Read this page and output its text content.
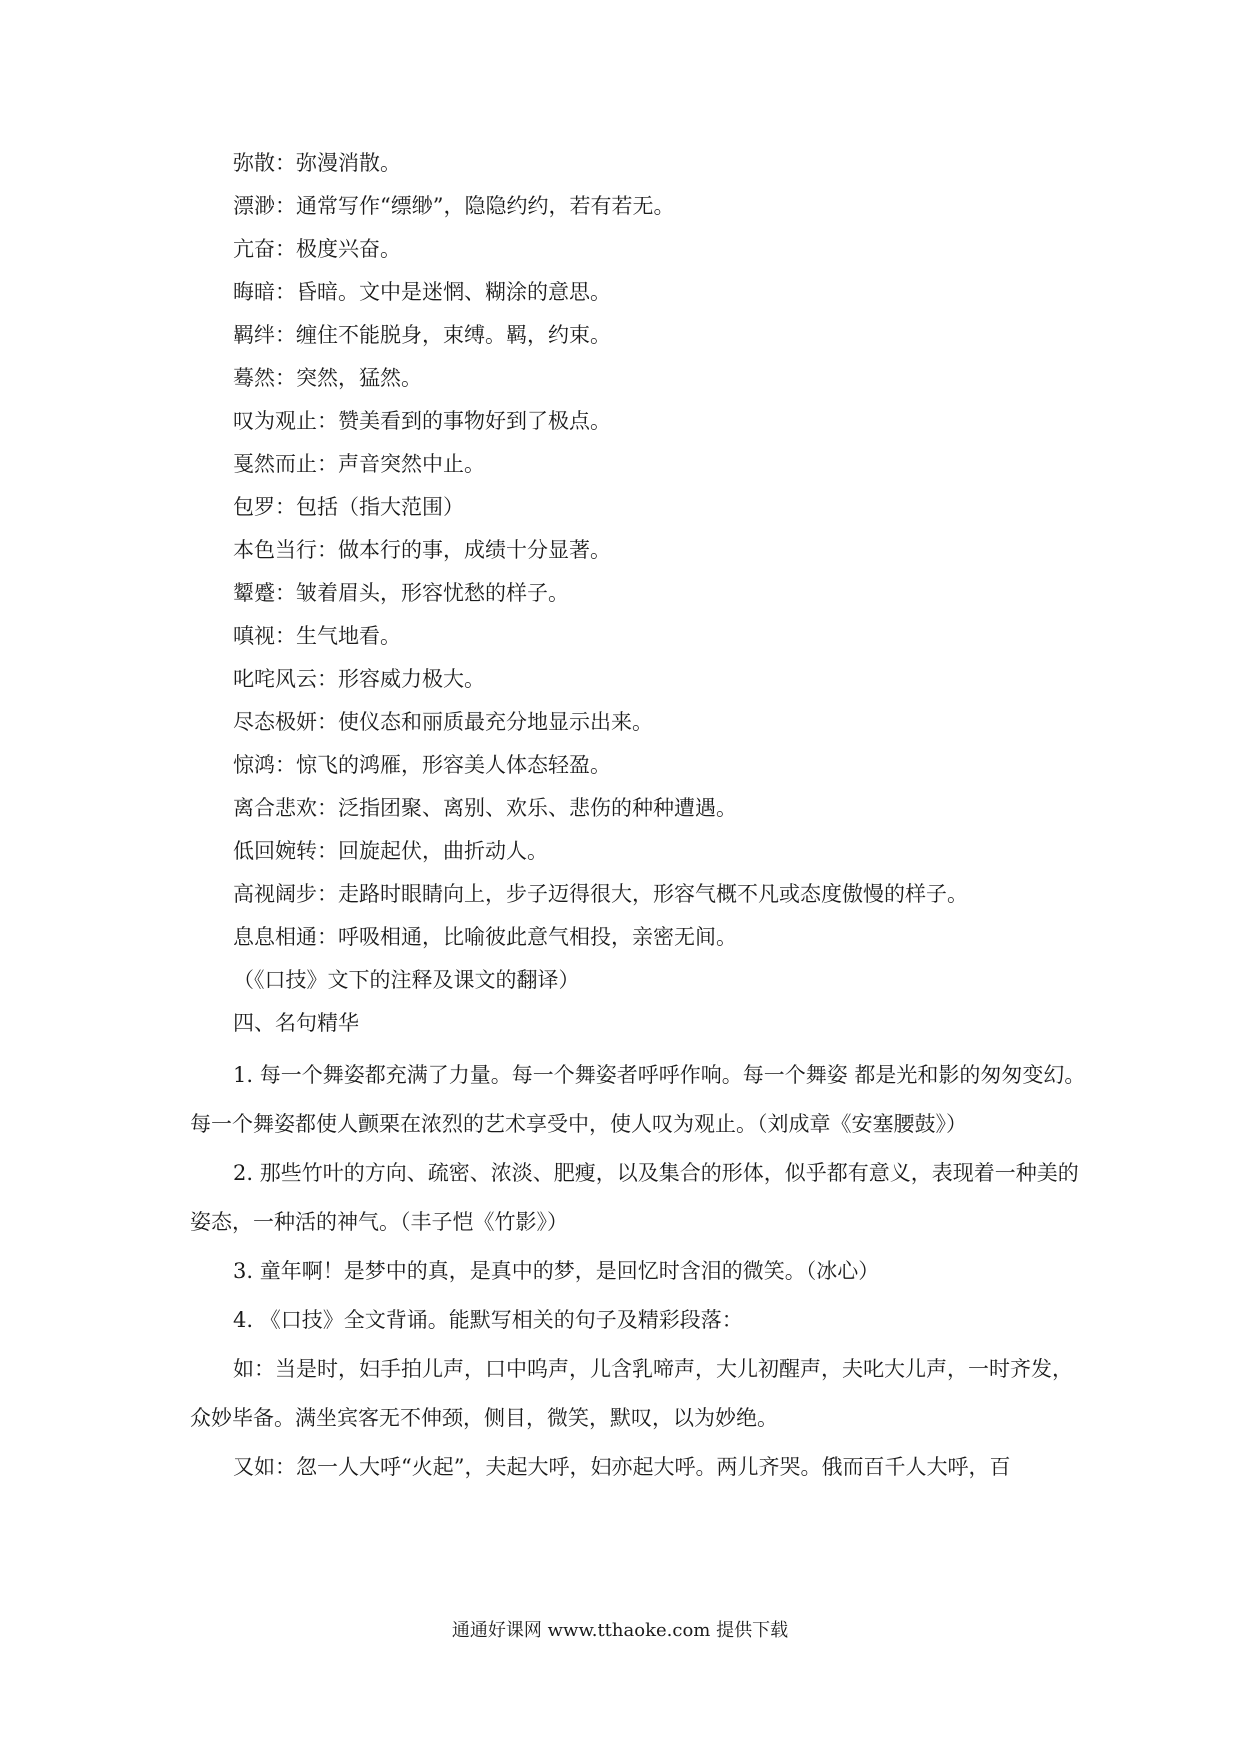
弥散：弥漫消散。
漂渺：通常写作“缥缈”，隐隐约约，若有若无。
亢奋：极度兴奋。
晦暗：昏暗。文中是迷惘、糊涂的意思。
羁绊：缠住不能脱身，束缚。羁，约束。
蓦然：突然，猛然。
叹为观止：赞美看到的事物好到了极点。
戛然而止：声音突然中止。
包罗：包括（指大范围）
本色当行：做本行的事，成绩十分显著。
颦蹙：皱着眉头，形容忧愁的样子。
嗔视：生气地看。
叱咤风云：形容威力极大。
尽态极妍：使仪态和丽质最充分地显示出来。
惊鸿：惊飞的鸿雁，形容美人体态轻盈。
离合悲欢：泛指团聚、离别、欢乐、悲伤的种种遭遇。
低回婉转：回旋起伏，曲折动人。
高视阔步：走路时眼睛向上，步子迈得很大，形容气概不凡或态度傲慢的样子。
息息相通：呼吸相通，比喻彼此意气相投，亲密无间。
（《口技》文下的注释及课文的翻译）
四、名句精华
1. 每一个舞姿都充满了力量。每一个舞姿者呼呼作响。每一个舞姿 都是光和影的匆匆变幻。每一个舞姿都使人颤栗在浓烈的艺术享受中，使人叹为观止。（刘成章《安塞腰鼓》）
2. 那些竹叶的方向、疏密、浓淡、肥瘦，以及集合的形体，似乎都有意义，表现着一种美的姿态，一种活的神气。（丰子恺《竹影》）
3. 童年啊！是梦中的真，是真中的梦，是回忆时含泪的微笑。（冰心）
4. 《口技》全文背诵。能默写相关的句子及精彩段落：
如：当是时，妇手拍儿声，口中呜声，儿含乳啼声，大儿初醒声，夫叱大儿声，一时齐发，众妙毕备。满坐宾客无不伸颈，侧目，微笑，默叹，以为妙绝。
又如：忽一人大呼“火起”，夫起大呼，妇亦起大呼。两儿齐哭。俄而百千人大呼，百
通通好课网 www.tthaoke.com 提供下载
